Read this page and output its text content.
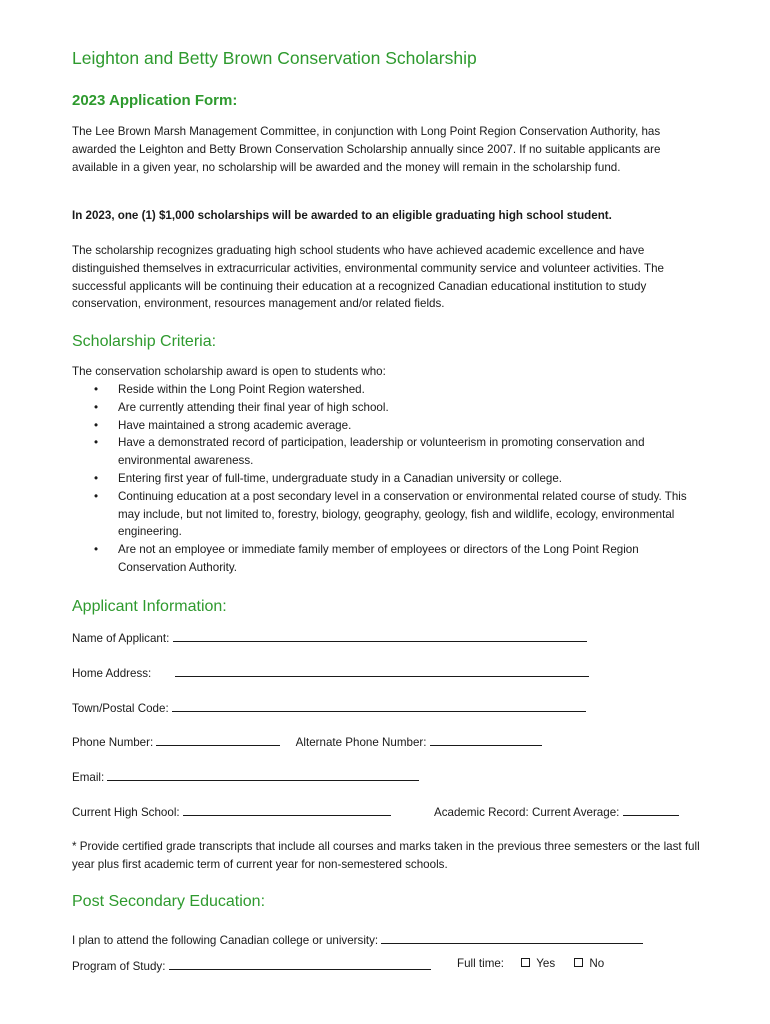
Leighton and Betty Brown Conservation Scholarship
2023 Application Form:
The Lee Brown Marsh Management Committee, in conjunction with Long Point Region Conservation Authority, has awarded the Leighton and Betty Brown Conservation Scholarship annually since 2007. If no suitable applicants are available in a given year, no scholarship will be awarded and the money will remain in the scholarship fund.
In 2023, one (1) $1,000 scholarships will be awarded to an eligible graduating high school student.
The scholarship recognizes graduating high school students who have achieved academic excellence and have distinguished themselves in extracurricular activities, environmental community service and volunteer activities. The successful applicants will be continuing their education at a recognized Canadian educational institution to study conservation, environment, resources management and/or related fields.
Scholarship Criteria:
The conservation scholarship award is open to students who:
• Reside within the Long Point Region watershed.
• Are currently attending their final year of high school.
• Have maintained a strong academic average.
• Have a demonstrated record of participation, leadership or volunteerism in promoting conservation and environmental awareness.
• Entering first year of full-time, undergraduate study in a Canadian university or college.
• Continuing education at a post secondary level in a conservation or environmental related course of study. This may include, but not limited to, forestry, biology, geography, geology, fish and wildlife, ecology, environmental engineering.
• Are not an employee or immediate family member of employees or directors of the Long Point Region Conservation Authority.
Applicant Information:
Name of Applicant:
Home Address:
Town/Postal Code:
Phone Number:	Alternate Phone Number:
Email:
Current High School:	Academic Record: Current Average:
* Provide certified grade transcripts that include all courses and marks taken in the previous three semesters or the last full year plus first academic term of current year for non-semestered schools.
Post Secondary Education:
I plan to attend the following Canadian college or university:
Program of Study:	Full time:	Yes	No
